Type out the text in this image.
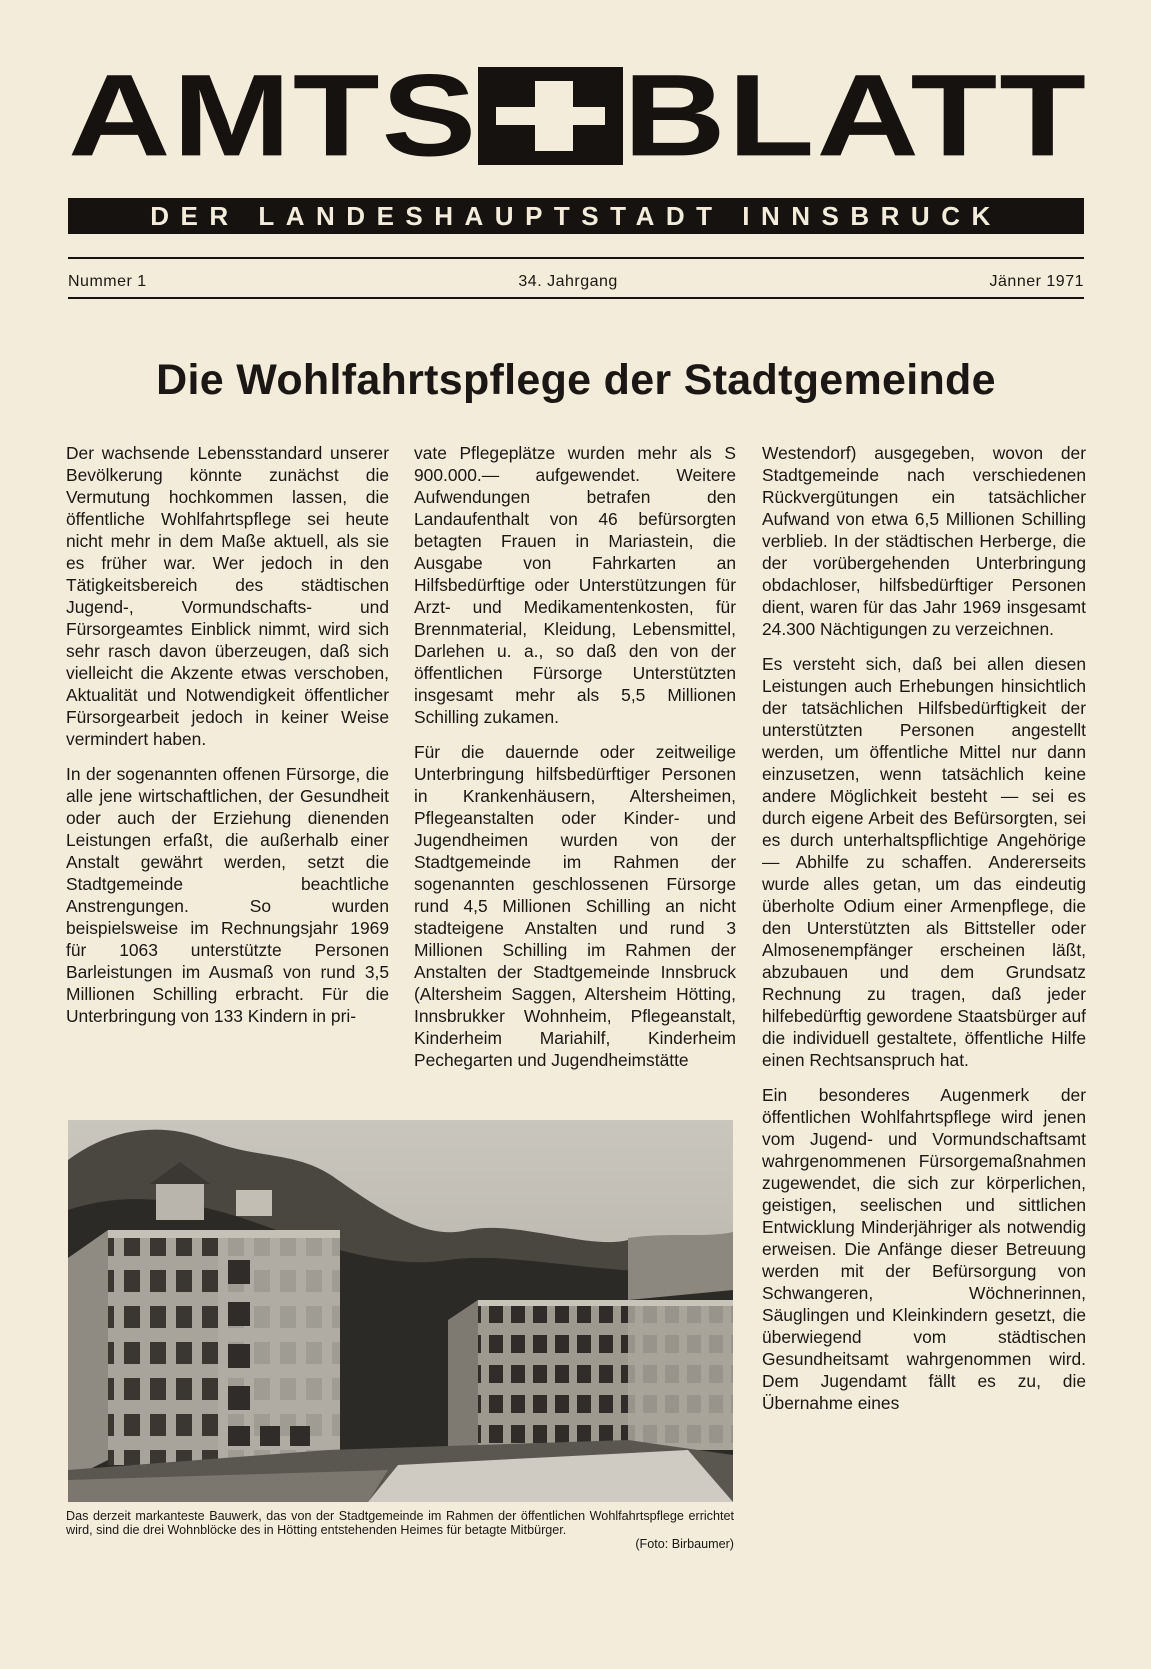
AMTS BLATT
DER LANDESHAUPTSTADT INNSBRUCK
Nummer 1	34. Jahrgang	Jänner 1971
Die Wohlfahrtspflege der Stadtgemeinde

Der wachsende Lebensstandard unserer Bevölkerung könnte zunächst die Vermutung hochkommen lassen, die öffentliche Wohlfahrtspflege sei heute nicht mehr in dem Maße aktuell, als sie es früher war. Wer jedoch in den Tätigkeitsbereich des städtischen Jugend-, Vormundschafts- und Fürsorgeamtes Einblick nimmt, wird sich sehr rasch davon überzeugen, daß sich vielleicht die Akzente etwas verschoben, Aktualität und Notwendigkeit öffentlicher Fürsorgearbeit jedoch in keiner Weise vermindert haben.

In der sogenannten offenen Fürsorge, die alle jene wirtschaftlichen, der Gesundheit oder auch der Erziehung dienenden Leistungen erfaßt, die außerhalb einer Anstalt gewährt werden, setzt die Stadtgemeinde beachtliche Anstrengungen. So wurden beispielsweise im Rechnungsjahr 1969 für 1063 unterstützte Personen Barleistungen im Ausmaß von rund 3,5 Millionen Schilling erbracht. Für die Unterbringung von 133 Kindern in pri-

vate Pflegeplätze wurden mehr als S 900.000.— aufgewendet. Weitere Aufwendungen betrafen den Landaufenthalt von 46 befürsorgten betagten Frauen in Mariastein, die Ausgabe von Fahrkarten an Hilfsbedürftige oder Unterstützungen für Arzt- und Medikamentenkosten, für Brennmaterial, Kleidung, Lebensmittel, Darlehen u. a., so daß den von der öffentlichen Fürsorge Unterstützten insgesamt mehr als 5,5 Millionen Schilling zukamen.

Für die dauernde oder zeitweilige Unterbringung hilfsbedürftiger Personen in Krankenhäusern, Altersheimen, Pflegeanstalten oder Kinder- und Jugendheimen wurden von der Stadtgemeinde im Rahmen der sogenannten geschlossenen Fürsorge rund 4,5 Millionen Schilling an nicht stadteigene Anstalten und rund 3 Millionen Schilling im Rahmen der Anstalten der Stadtgemeinde Innsbruck (Altersheim Saggen, Altersheim Hötting, Innsbrukker Wohnheim, Pflegeanstalt, Kinderheim Mariahilf, Kinderheim Pechegarten und Jugendheimstätte

Westendorf) ausgegeben, wovon der Stadtgemeinde nach verschiedenen Rückvergütungen ein tatsächlicher Aufwand von etwa 6,5 Millionen Schilling verblieb. In der städtischen Herberge, die der vorübergehenden Unterbringung obdachloser, hilfsbedürftiger Personen dient, waren für das Jahr 1969 insgesamt 24.300 Nächtigungen zu verzeichnen.

Es versteht sich, daß bei allen diesen Leistungen auch Erhebungen hinsichtlich der tatsächlichen Hilfsbedürftigkeit der unterstützten Personen angestellt werden, um öffentliche Mittel nur dann einzusetzen, wenn tatsächlich keine andere Möglichkeit besteht — sei es durch eigene Arbeit des Befürsorgten, sei es durch unterhaltspflichtige Angehörige — Abhilfe zu schaffen. Andererseits wurde alles getan, um das eindeutig überholte Odium einer Armenpflege, die den Unterstützten als Bittsteller oder Almosenempfänger erscheinen läßt, abzubauen und dem Grundsatz Rechnung zu tragen, daß jeder hilfebedürftig gewordene Staatsbürger auf die individuell gestaltete, öffentliche Hilfe einen Rechtsanspruch hat.

Ein besonderes Augenmerk der öffentlichen Wohlfahrtspflege wird jenen vom Jugend- und Vormundschaftsamt wahrgenommenen Fürsorgemaßnahmen zugewendet, die sich zur körperlichen, geistigen, seelischen und sittlichen Entwicklung Minderjähriger als notwendig erweisen. Die Anfänge dieser Betreuung werden mit der Befürsorgung von Schwangeren, Wöchnerinnen, Säuglingen und Kleinkindern gesetzt, die überwiegend vom städtischen Gesundheitsamt wahrgenommen wird. Dem Jugendamt fällt es zu, die Übernahme eines

Das derzeit markanteste Bauwerk, das von der Stadtgemeinde im Rahmen der öffentlichen Wohlfahrtspflege errichtet wird, sind die drei Wohnblöcke des in Hötting entstehenden Heimes für betagte Mitbürger.
(Foto: Birbaumer)
